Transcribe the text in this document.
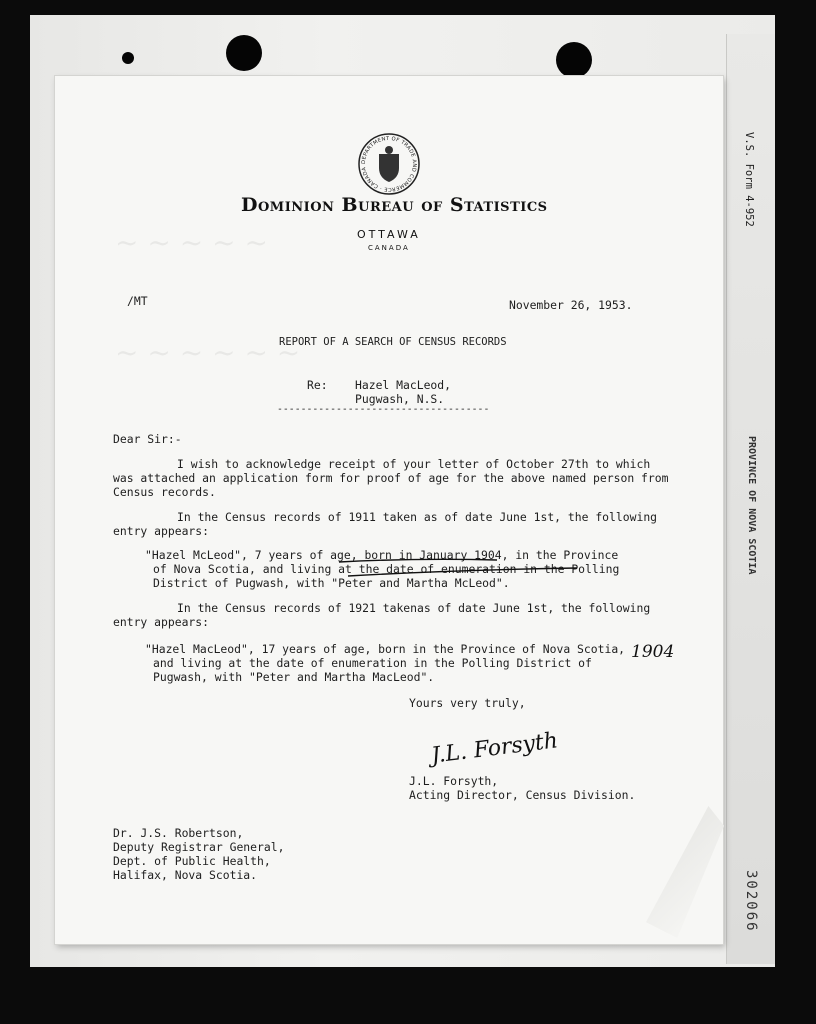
V.S. Form 4-952
PROVINCE OF NOVA SCOTIA
302066
~ ~ ~ ~ ~
~ ~ ~ ~ ~ ~
DEPARTMENT OF TRADE AND COMMERCE · CANADA
Dominion Bureau of Statistics
OTTAWA
CANADA
/MT	November 26, 1953.
REPORT OF A SEARCH OF CENSUS RECORDS
Re: Hazel MacLeod,
Pugwash, N.S.
------------------------------------
Dear Sir:-
I wish to acknowledge receipt of your letter of October 27th to which
was attached an application form for proof of age for the above named person from
Census records.
In the Census records of 1911 taken as of date June 1st, the following
entry appears:
"Hazel McLeod", 7 years of age, born in January 1904, in the Province
of Nova Scotia, and living at the date of enumeration in the Polling
District of Pugwash, with "Peter and Martha McLeod".
In the Census records of 1921 takenas of date June 1st, the following
entry appears:
"Hazel MacLeod", 17 years of age, born in the Province of Nova Scotia,
and living at the date of enumeration in the Polling District of
Pugwash, with "Peter and Martha MacLeod".
1904
Yours very truly,
J.L. Forsyth
J.L. Forsyth,
Acting Director, Census Division.
Dr. J.S. Robertson,
Deputy Registrar General,
Dept. of Public Health,
Halifax, Nova Scotia.
